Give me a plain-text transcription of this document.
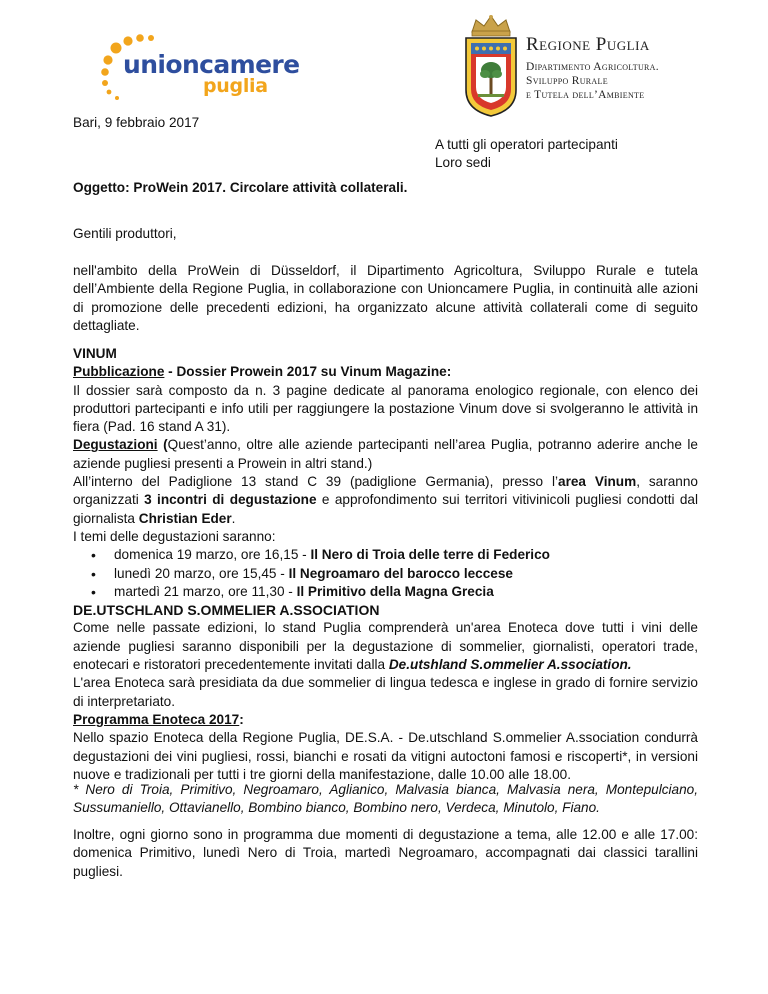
unioncamere
puglia
Regione Puglia
Dipartimento Agricoltura.
Sviluppo Rurale
e Tutela dell’Ambiente
Bari, 9 febbraio 2017
A tutti gli operatori partecipanti
Loro sedi
Oggetto: ProWein 2017. Circolare attività collaterali.
Gentili produttori,
nell'ambito della ProWein di Düsseldorf, il Dipartimento Agricoltura, Sviluppo Rurale e tutela dell’Ambiente della Regione Puglia, in collaborazione con Unioncamere Puglia, in continuità alle azioni di promozione delle precedenti edizioni, ha organizzato alcune attività collaterali come di seguito dettagliate.

VINUM

Pubblicazione - Dossier Prowein 2017 su Vinum Magazine:

Il dossier sarà composto da n. 3 pagine dedicate al panorama enologico regionale, con elenco dei produttori partecipanti e info utili per raggiungere la postazione Vinum dove si svolgeranno le attività in fiera (Pad. 16 stand A 31).

Degustazioni (Quest’anno, oltre alle aziende partecipanti nell’area Puglia, potranno aderire anche le aziende pugliesi presenti a Prowein in altri stand.)

All’interno del Padiglione 13 stand C 39 (padiglione Germania), presso l’area Vinum, saranno organizzati 3 incontri di degustazione e approfondimento sui territori vitivinicoli pugliesi condotti dal giornalista Christian Eder.

I temi delle degustazioni saranno:

• domenica 19 marzo, ore 16,15 - Il Nero di Troia delle terre di Federico
• lunedì 20 marzo, ore 15,45 - Il Negroamaro del barocco leccese
• martedì 21 marzo, ore 11,30 - Il Primitivo della Magna Grecia

DE.UTSCHLAND S.OMMELIER A.SSOCIATION

Come nelle passate edizioni, lo stand Puglia comprenderà un'area Enoteca dove tutti i vini delle aziende pugliesi saranno disponibili per la degustazione di sommelier, giornalisti, operatori trade, enotecari e ristoratori precedentemente invitati dalla De.utshland S.ommelier A.ssociation.

L'area Enoteca sarà presidiata da due sommelier di lingua tedesca e inglese in grado di fornire servizio di interpretariato.

Programma Enoteca 2017:

Nello spazio Enoteca della Regione Puglia, DE.S.A. - De.utschland S.ommelier A.ssociation condurrà degustazioni dei vini pugliesi, rossi, bianchi e rosati da vitigni autoctoni famosi e riscoperti*, in versioni nuove e tradizionali per tutti i tre giorni della manifestazione, dalle 10.00 alle 18.00.

* Nero di Troia, Primitivo, Negroamaro, Aglianico, Malvasia bianca, Malvasia nera, Montepulciano, Sussumaniello, Ottavianello, Bombino bianco, Bombino nero, Verdeca, Minutolo, Fiano.
Inoltre, ogni giorno sono in programma due momenti di degustazione a tema, alle 12.00 e alle 17.00: domenica Primitivo, lunedì Nero di Troia, martedì Negroamaro, accompagnati dai classici tarallini pugliesi.
